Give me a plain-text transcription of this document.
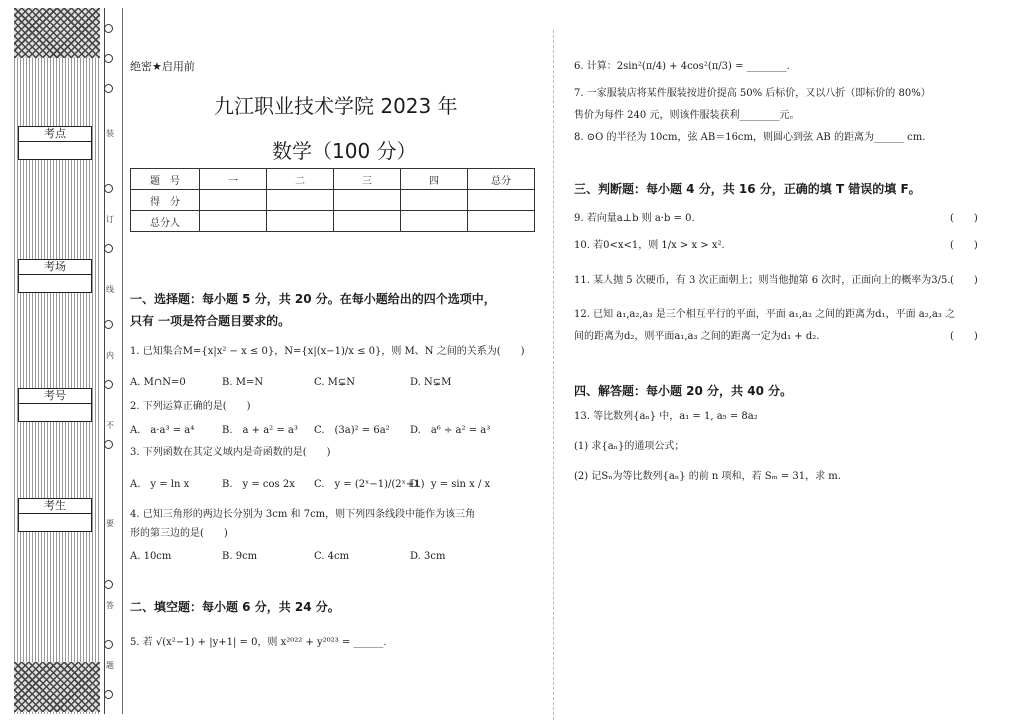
装
订
线
内
不
要
答
题
考点
考场
考号
考生
绝密★启用前
九江职业技术学院 2023 年
数学（100 分）
题　号	一	二	三	四	总分
得　分					
总分人					
一、选择题：每小题 5 分，共 20 分。在每小题给出的四个选项中，
只有 一项是符合题目要求的。
1. 已知集合M={x|x² − x ≤ 0}，N={x|(x−1)/x ≤ 0}，则 M、N 之间的关系为(　　)
A. M∩N=0	B. M=N	C. M⊊N	D. N⊊M
2. 下列运算正确的是(　　)
A.　a·a³ = a⁴	B.　a + a² = a³ C.　(3a)² = 6a² D.　a⁶ ÷ a² = a³
3. 下列函数在其定义域内是奇函数的是(　　)
A.　y = ln x	B.　y = cos 2x C.　y = (2ˣ−1)/(2ˣ+1)
D.　y = sin x / x
4. 已知三角形的两边长分别为 3cm 和 7cm，则下列四条线段中能作为该三角
形的第三边的是(　　)
A. 10cm	B. 9cm	C. 4cm	D. 3cm
二、填空题：每小题 6 分，共 24 分。
5. 若 √(x²−1) + |y+1| = 0，则 x²⁰²² + y²⁰²³ = ______.
6. 计算：2sin²(π/4) + 4cos²(π/3) = ________.
7. 一家服装店将某件服装按进价提高 50% 后标价，又以八折（即标价的 80%）
售价为每件 240 元，则该件服装获利________元。
8. ⊙O 的半径为 10cm，弦 AB＝16cm，则圆心到弦 AB 的距离为______ cm.
三、判断题：每小题 4 分，共 16 分，正确的填 T 错误的填 F。
9. 若向量a⊥b 则 a·b = 0.	(　　)
10. 若0<x<1，则 1/x > x > x².	(　　)
11. 某人抛 5 次硬币，有 3 次正面朝上；则当他抛第 6 次时，正面向上的概率为3/5. (　　)
12. 已知 a₁,a₂,a₃ 是三个相互平行的平面，平面 a₁,a₂ 之间的距离为d₁，平面 a₂,a₃ 之
间的距离为d₂，则平面a₁,a₃ 之间的距离一定为d₁ + d₂.	(　　)
四、解答题：每小题 20 分，共 40 分。
13. 等比数列{aₙ} 中，a₁ = 1, a₅ = 8a₂
(1) 求{aₙ}的通项公式；
(2) 记Sₙ为等比数列{aₙ} 的前 n 项和，若 Sₘ = 31，求 m.
